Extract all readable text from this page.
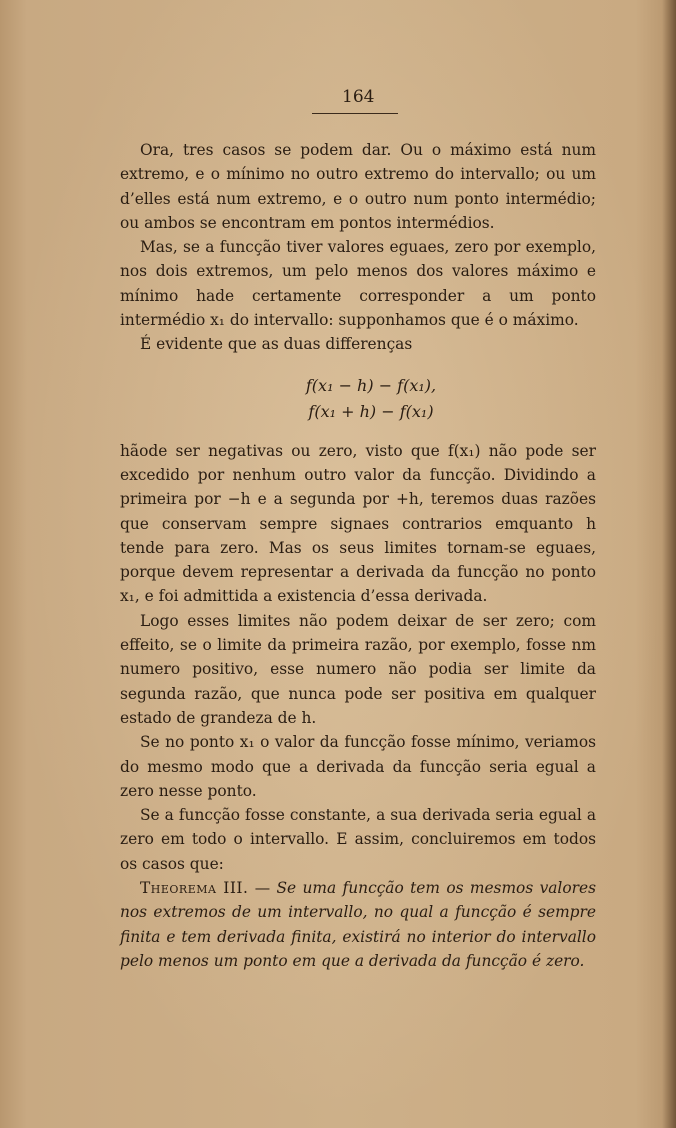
164

Ora, tres casos se podem dar. Ou o máximo está num extremo, e o mínimo no outro extremo do intervallo; ou um d’elles está num extremo, e o outro num ponto intermédio; ou ambos se encontram em pontos intermédios.

Mas, se a funcção tiver valores eguaes, zero por exemplo, nos dois extremos, um pelo menos dos valores máximo e mínimo hade certamente corresponder a um ponto intermédio x₁ do intervallo: supponhamos que é o máximo.

É evidente que as duas differenças

f(x₁ − h) − f(x₁),
f(x₁ + h) − f(x₁)

hãode ser negativas ou zero, visto que f(x₁) não pode ser excedido por nenhum outro valor da funcção. Dividindo a primeira por −h e a segunda por +h, teremos duas razões que conservam sempre signaes contrarios emquanto h tende para zero. Mas os seus limites tornam-se eguaes, porque devem representar a derivada da funcção no ponto x₁, e foi admittida a existencia d’essa derivada.

Logo esses limites não podem deixar de ser zero; com effeito, se o limite da primeira razão, por exemplo, fosse nm numero positivo, esse numero não podia ser limite da segunda razão, que nunca pode ser positiva em qualquer estado de grandeza de h.

Se no ponto x₁ o valor da funcção fosse mínimo, veriamos do mesmo modo que a derivada da funcção seria egual a zero nesse ponto.

Se a funcção fosse constante, a sua derivada seria egual a zero em todo o intervallo. E assim, concluiremos em todos os casos que:

Theorema III. — Se uma funcção tem os mesmos valores nos extremos de um intervallo, no qual a funcção é sempre finita e tem derivada finita, existirá no interior do intervallo pelo menos um ponto em que a derivada da funcção é zero.
